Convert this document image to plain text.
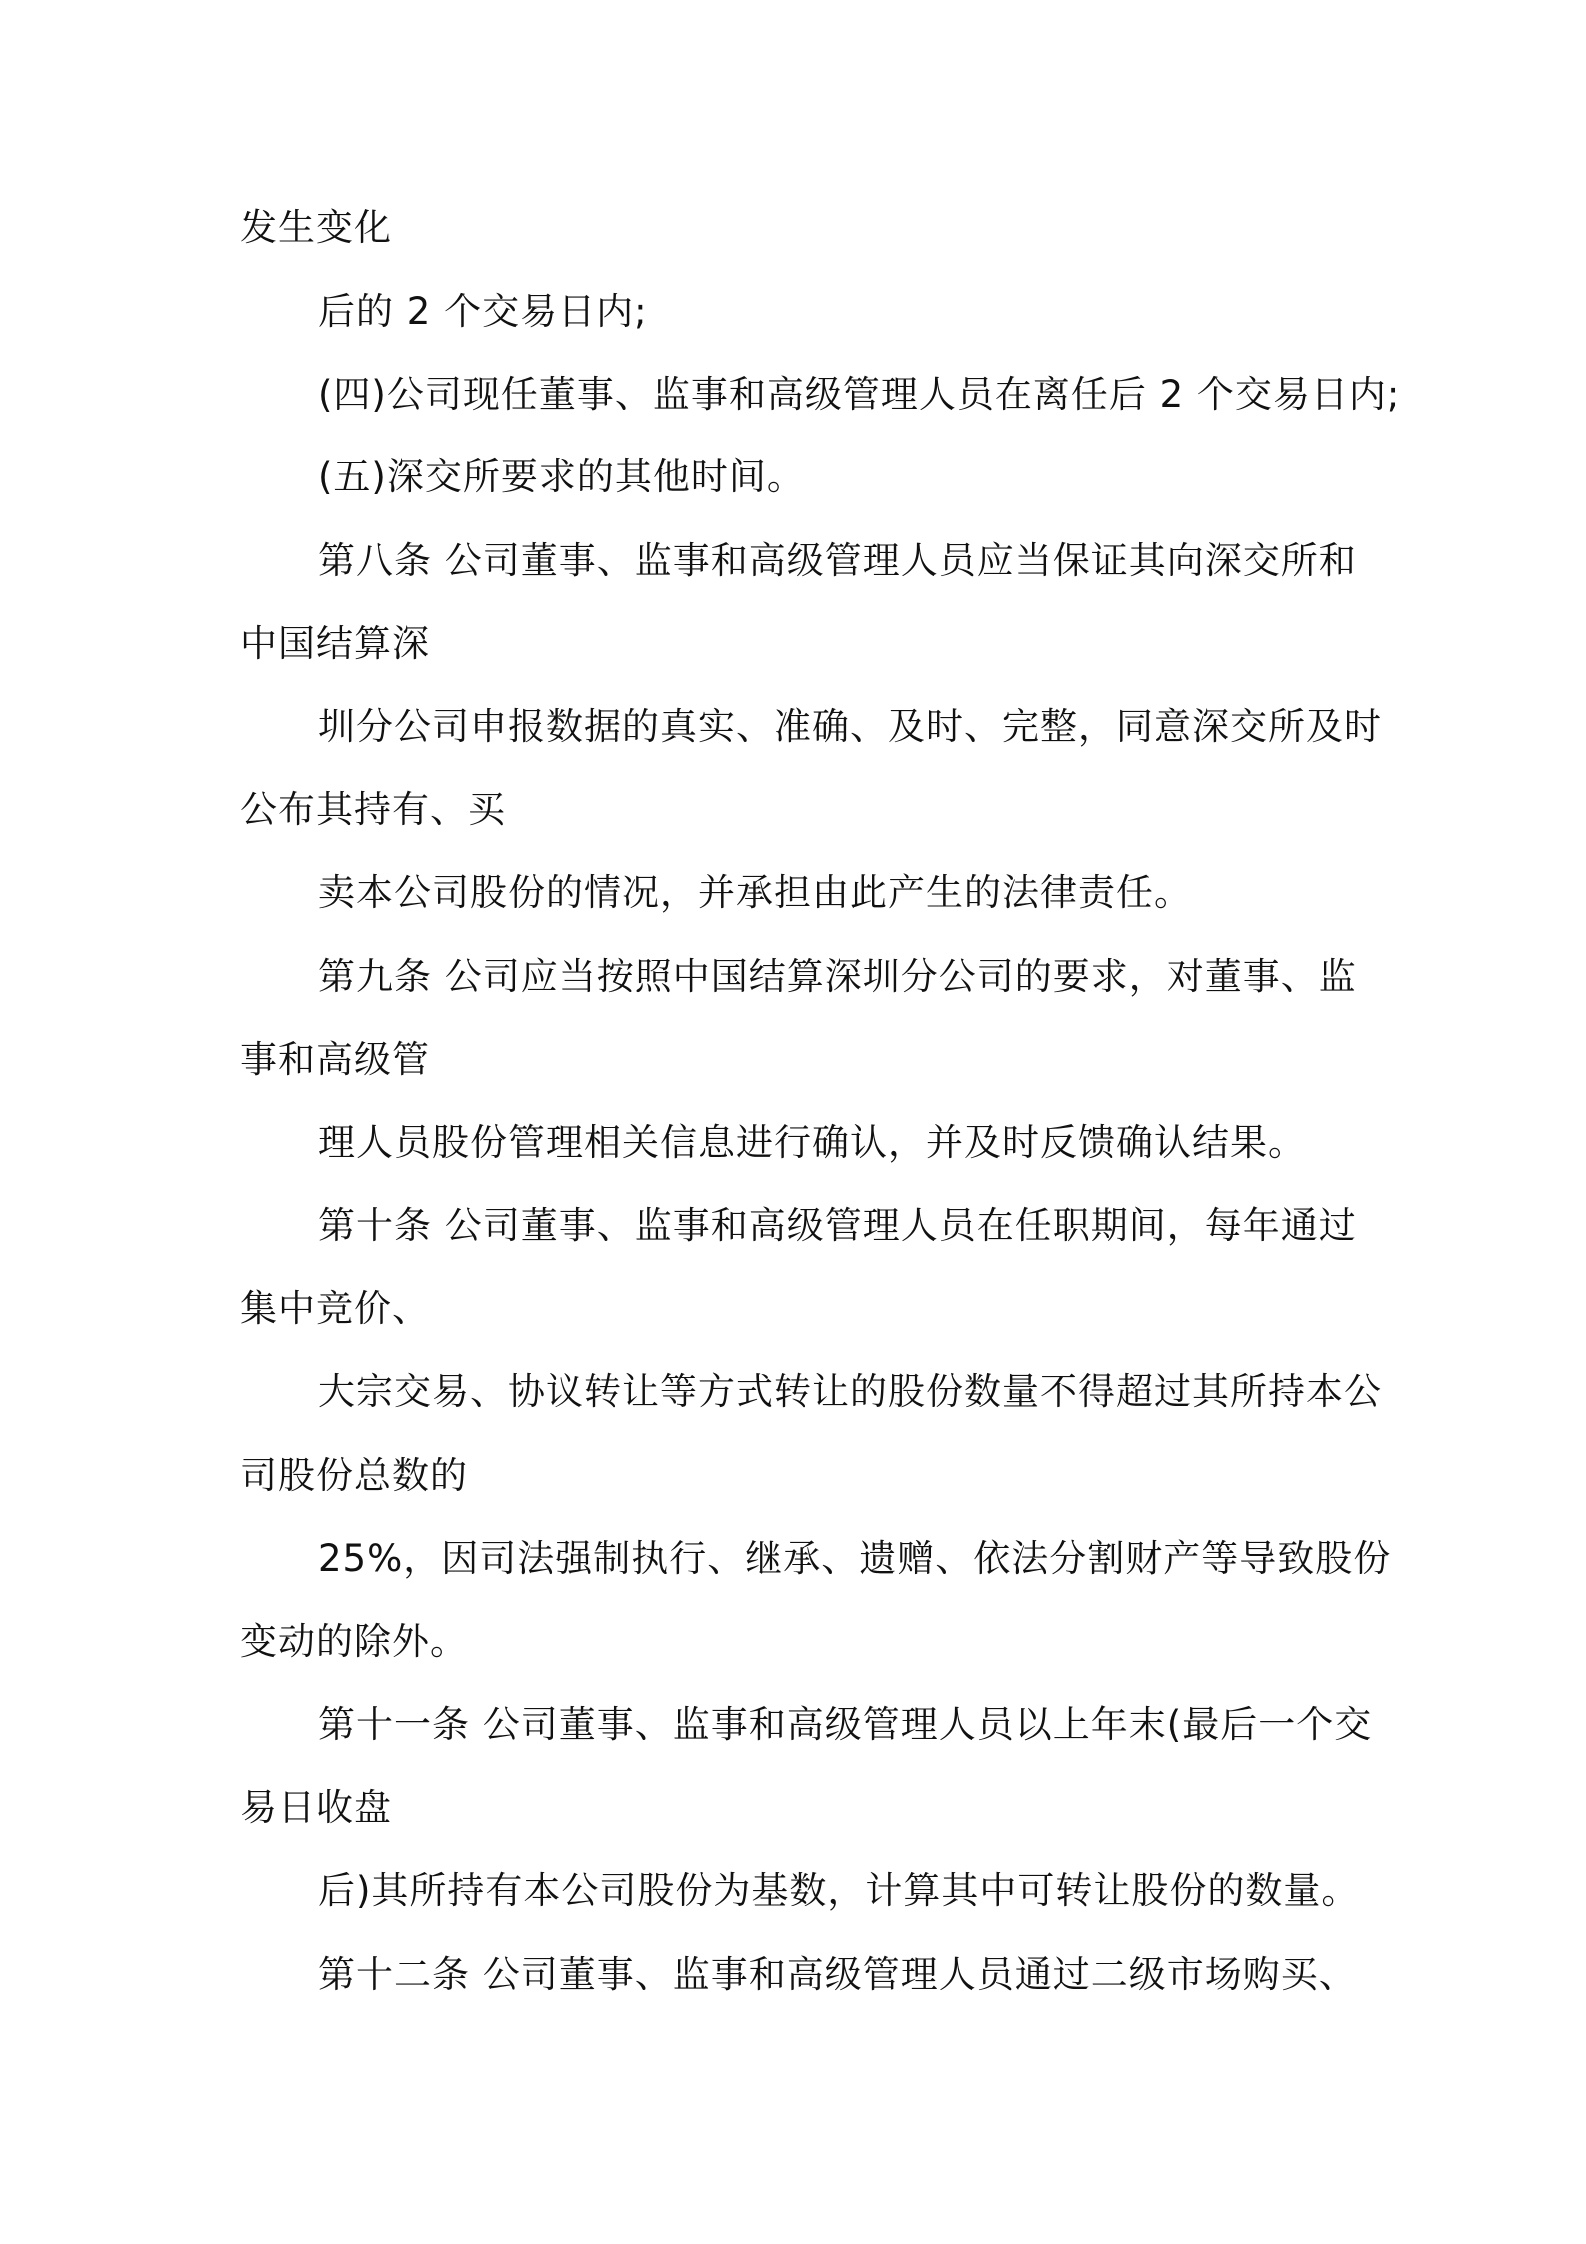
发生变化
后的 2 个交易日内;
(四)公司现任董事、监事和高级管理人员在离任后 2 个交易日内;
(五)深交所要求的其他时间。
第八条 公司董事、监事和高级管理人员应当保证其向深交所和
中国结算深
圳分公司申报数据的真实、准确、及时、完整，同意深交所及时
公布其持有、买
卖本公司股份的情况，并承担由此产生的法律责任。
第九条 公司应当按照中国结算深圳分公司的要求，对董事、监
事和高级管
理人员股份管理相关信息进行确认，并及时反馈确认结果。
第十条 公司董事、监事和高级管理人员在任职期间，每年通过
集中竞价、
大宗交易、协议转让等方式转让的股份数量不得超过其所持本公
司股份总数的
25%，因司法强制执行、继承、遗赠、依法分割财产等导致股份
变动的除外。
第十一条 公司董事、监事和高级管理人员以上年末(最后一个交
易日收盘
后)其所持有本公司股份为基数，计算其中可转让股份的数量。
第十二条 公司董事、监事和高级管理人员通过二级市场购买、
